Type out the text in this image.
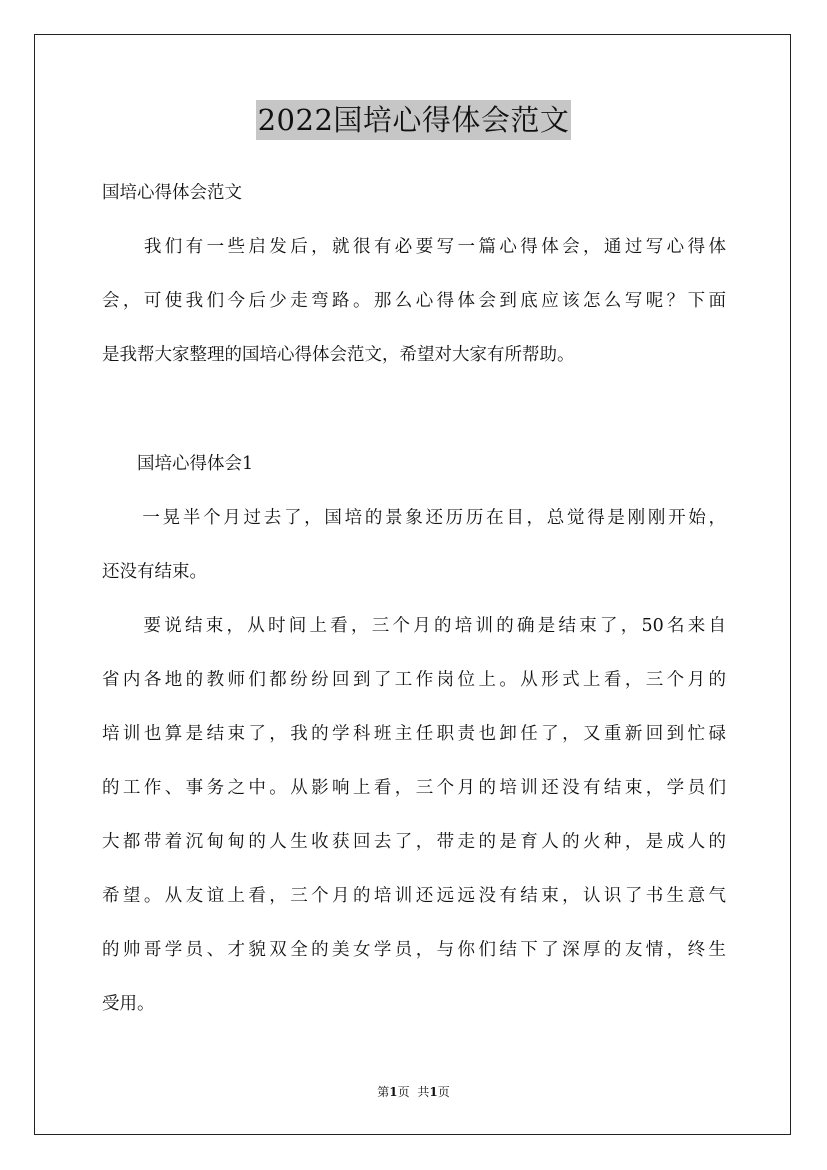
2022国培心得体会范文

国培心得体会范文

　　我们有一些启发后，就很有必要写一篇心得体会，通过写心得体

会，可使我们今后少走弯路。那么心得体会到底应该怎么写呢？下面

是我帮大家整理的国培心得体会范文，希望对大家有所帮助。

　　国培心得体会1

　　一晃半个月过去了，国培的景象还历历在目，总觉得是刚刚开始，

还没有结束。

　　要说结束，从时间上看，三个月的培训的确是结束了，50名来自

省内各地的教师们都纷纷回到了工作岗位上。从形式上看，三个月的

培训也算是结束了，我的学科班主任职责也卸任了，又重新回到忙碌

的工作、事务之中。从影响上看，三个月的培训还没有结束，学员们

大都带着沉甸甸的人生收获回去了，带走的是育人的火种，是成人的

希望。从友谊上看，三个月的培训还远远没有结束，认识了书生意气

的帅哥学员、才貌双全的美女学员，与你们结下了深厚的友情，终生

受用。

第1页 共1页
